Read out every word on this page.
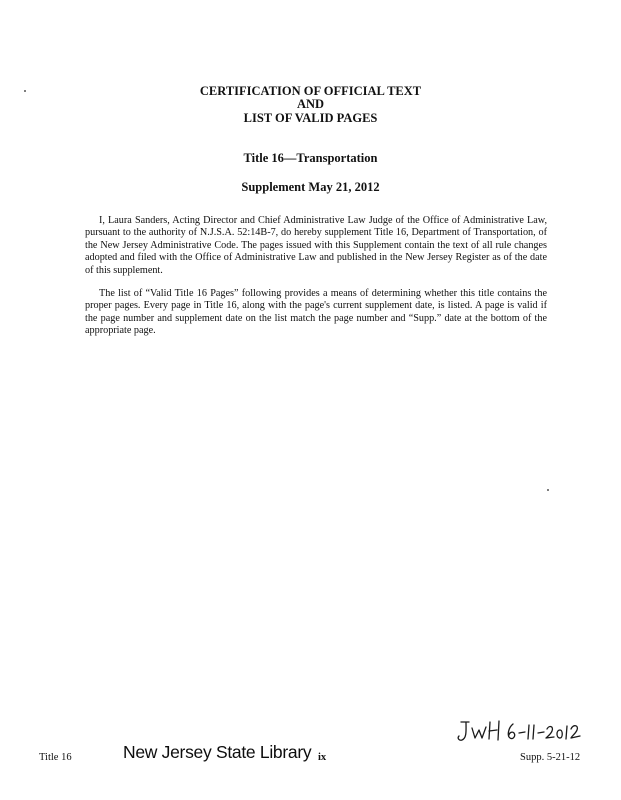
CERTIFICATION OF OFFICIAL TEXT
AND
LIST OF VALID PAGES
Title 16—Transportation
Supplement May 21, 2012

I, Laura Sanders, Acting Director and Chief Administrative Law Judge of the Office of Administrative Law, pursuant to the authority of N.J.S.A. 52:14B-7, do hereby supplement Title 16, Department of Transportation, of the New Jersey Administrative Code. The pages issued with this Supplement contain the text of all rule changes adopted and filed with the Office of Administrative Law and published in the New Jersey Register as of the date of this supplement.

The list of “Valid Title 16 Pages” following provides a means of determining whether this title contains the proper pages. Every page in Title 16, along with the page's current supplement date, is listed. A page is valid if the page number and supplement date on the list match the page number and “Supp.” date at the bottom of the appropriate page.

Title 16	New Jersey State Library ix	Supp. 5-21-12
